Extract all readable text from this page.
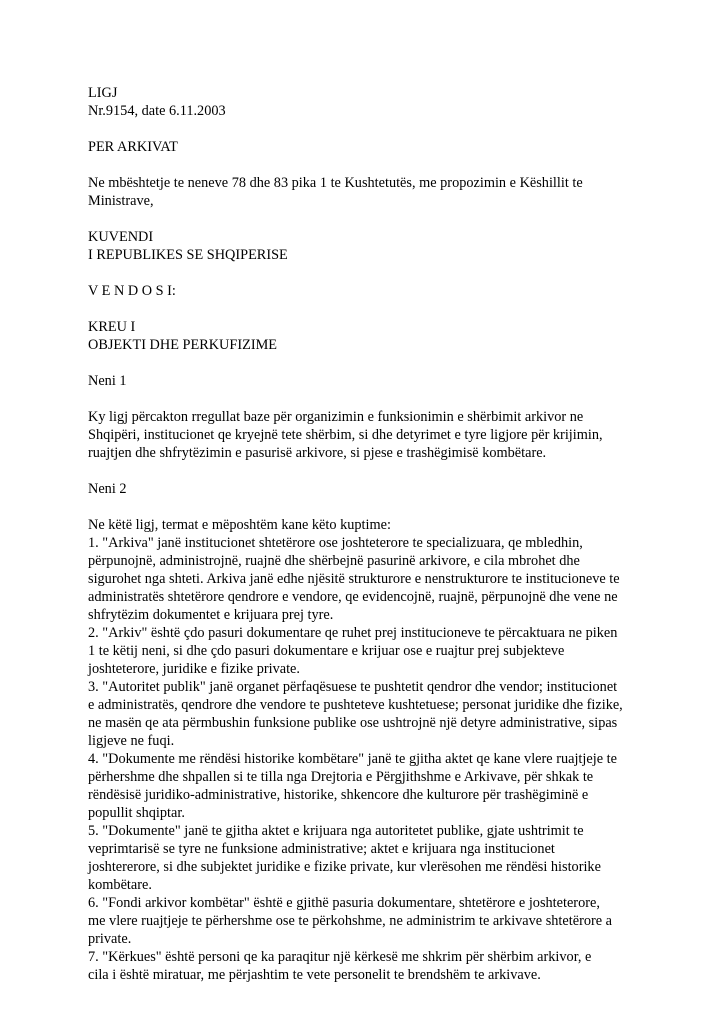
LIGJ
Nr.9154, date 6.11.2003
PER ARKIVAT
Ne mbështetje te neneve 78 dhe 83 pika 1 te Kushtetutës, me propozimin e Këshillit te
Ministrave,
KUVENDI
I REPUBLIKES SE SHQIPERISE
V E N D O S I:
KREU I
OBJEKTI DHE PERKUFIZIME
Neni 1
Ky ligj përcakton rregullat baze për organizimin e funksionimin e shërbimit arkivor ne
Shqipëri, institucionet qe kryejnë tete shërbim, si dhe detyrimet e tyre ligjore për krijimin,
ruajtjen dhe shfrytëzimin e pasurisë arkivore, si pjese e trashëgimisë kombëtare.
Neni 2
Ne këtë ligj, termat e mëposhtëm kane këto kuptime:
1. "Arkiva" janë institucionet shtetërore ose joshteterore te specializuara, qe mbledhin,
përpunojnë, administrojnë, ruajnë dhe shërbejnë pasurinë arkivore, e cila mbrohet dhe
sigurohet nga shteti. Arkiva janë edhe njësitë strukturore e nenstrukturore te institucioneve te
administratës shtetërore qendrore e vendore, qe evidencojnë, ruajnë, përpunojnë dhe vene ne
shfrytëzim dokumentet e krijuara prej tyre.
2. "Arkiv" është çdo pasuri dokumentare qe ruhet prej institucioneve te përcaktuara ne piken
1 te këtij neni, si dhe çdo pasuri dokumentare e krijuar ose e ruajtur prej subjekteve
joshteterore, juridike e fizike private.
3. "Autoritet publik" janë organet përfaqësuese te pushtetit qendror dhe vendor; institucionet
e administratës, qendrore dhe vendore te pushteteve kushtetuese; personat juridike dhe fizike,
ne masën qe ata përmbushin funksione publike ose ushtrojnë një detyre administrative, sipas
ligjeve ne fuqi.
4. "Dokumente me rëndësi historike kombëtare" janë te gjitha aktet qe kane vlere ruajtjeje te
përhershme dhe shpallen si te tilla nga Drejtoria e Përgjithshme e Arkivave, për shkak te
rëndësisë juridiko-administrative, historike, shkencore dhe kulturore për trashëgiminë e
popullit shqiptar.
5. "Dokumente" janë te gjitha aktet e krijuara nga autoritetet publike, gjate ushtrimit te
veprimtarisë se tyre ne funksione administrative; aktet e krijuara nga institucionet
joshtererore, si dhe subjektet juridike e fizike private, kur vlerësohen me rëndësi historike
kombëtare.
6. "Fondi arkivor kombëtar" është e gjithë pasuria dokumentare, shtetërore e joshteterore,
me vlere ruajtjeje te përhershme ose te përkohshme, ne administrim te arkivave shtetërore a
private.
7. "Kërkues" është personi qe ka paraqitur një kërkesë me shkrim për shërbim arkivor, e
cila i është miratuar, me përjashtim te vete personelit te brendshëm te arkivave.
